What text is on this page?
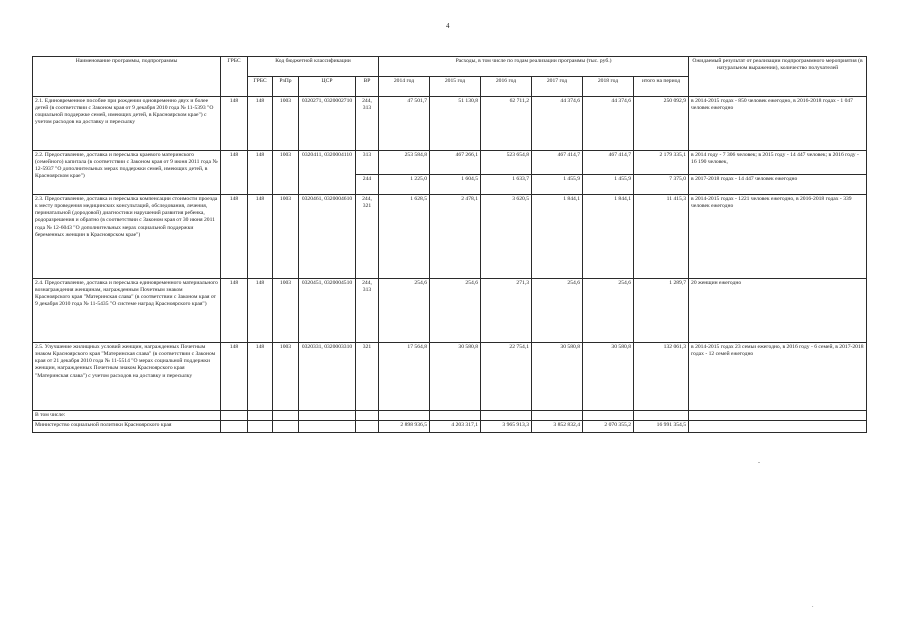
4
Наименование программы, подпрограммы	ГРБС	Код бюджетной классификации				Расходы, в том числе по годам реализации программы (тыс. руб.)						Ожидаемый результат от реализации подпрограммного мероприятия (в натуральном выражении), количество получателей
		ГРБС	РзПр	ЦСР	ВР	2014 год	2015 год	2016 год	2017 год	2018 год	итого на период	
2.1. Единовременное пособие при рождении одновременно двух и более детей (в соответствии с Законом края от 9 декабря 2010 года № 11-5393 "О социальной поддержке семей, имеющих детей, в Красноярском крае") с учетом расходов на доставку и пересылку	148	148	1003	0320271, 0320002710	244, 313	47 501,7	51 130,8	62 711,2	44 374,6	44 374,6	250 092,9	в 2014-2015 годах - 850 человек ежегодно, в 2016-2018 годах - 1 047 человек ежегодно
2.2. Предоставление, доставка и пересылка краевого материнского (семейного) капитала (в соответствии с Законом края от 9 июня 2011 года № 12-5937 "О дополнительных мерах поддержки семей, имеющих детей, в Красноярском крае")	148	148	1003	0320411, 0320004110	313	253 584,8	467 266,1	523 654,8	467 414,7	467 414,7	2 179 335,1	в 2014 году - 7 306 человек; в 2015 году - 14 447 человек; в 2016 году - 16 190 человек,
					244	1 225,0	1 604,5	1 633,7	1 455,9	1 455,9	7 375,0	в 2017-2018 годах - 14 447 человек ежегодно
2.3. Предоставление, доставка и пересылка компенсации стоимости проезда к месту проведения медицинских консультаций, обследования, лечения, перинатальной (дородовой) диагностики нарушений развития ребенка, родоразрешения и обратно (в соответствии с Законом края от 30 июня 2011 года № 12-6043 "О дополнительных мерах социальной поддержки беременных женщин в Красноярском крае")	148	148	1003	0320461, 0320004610	244, 321	1 628,5	2 478,1	3 620,5	1 844,1	1 844,1	11 415,3	в 2014-2015 годах - 1221 человек ежегодно, в 2016-2018 годах - 339 человек ежегодно
2.4. Предоставление, доставка и пересылка единовременного материального вознаграждения женщинам, награжденным Почетным знаком Красноярского края "Материнская слава" (в соответствии с Законом края от 9 декабря 2010 года № 11-5435 "О системе наград Красноярского края")	148	148	1003	0320451, 0320004510	244, 313	254,6	254,6	271,3	254,6	254,6	1 289,7	20 женщин ежегодно
2.5. Улучшение жилищных условий женщин, награжденных Почетным знаком Красноярского края "Материнская слава" (в соответствии с Законом края от 21 декабря 2010 года № 11-5514 "О мерах социальной поддержки женщин, награжденных Почетным знаком Красноярского края "Материнская слава") с учетом расходов на доставку и пересылку	148	148	1003	0320331, 0320003310	321	17 564,8	30 580,8	22 754,1	30 580,8	30 580,8	132 061,3	в 2014-2015 годах 23 семьи ежегодно, в 2016 году - 6 семей, в 2017-2018 годах - 12 семей ежегодно
В том числе:												
Министерство социальной политики Красноярского края						2 898 936,5	4 203 317,1	3 965 913,3	3 852 832,4	2 070 355,2	16 991 354,5	
-
.
